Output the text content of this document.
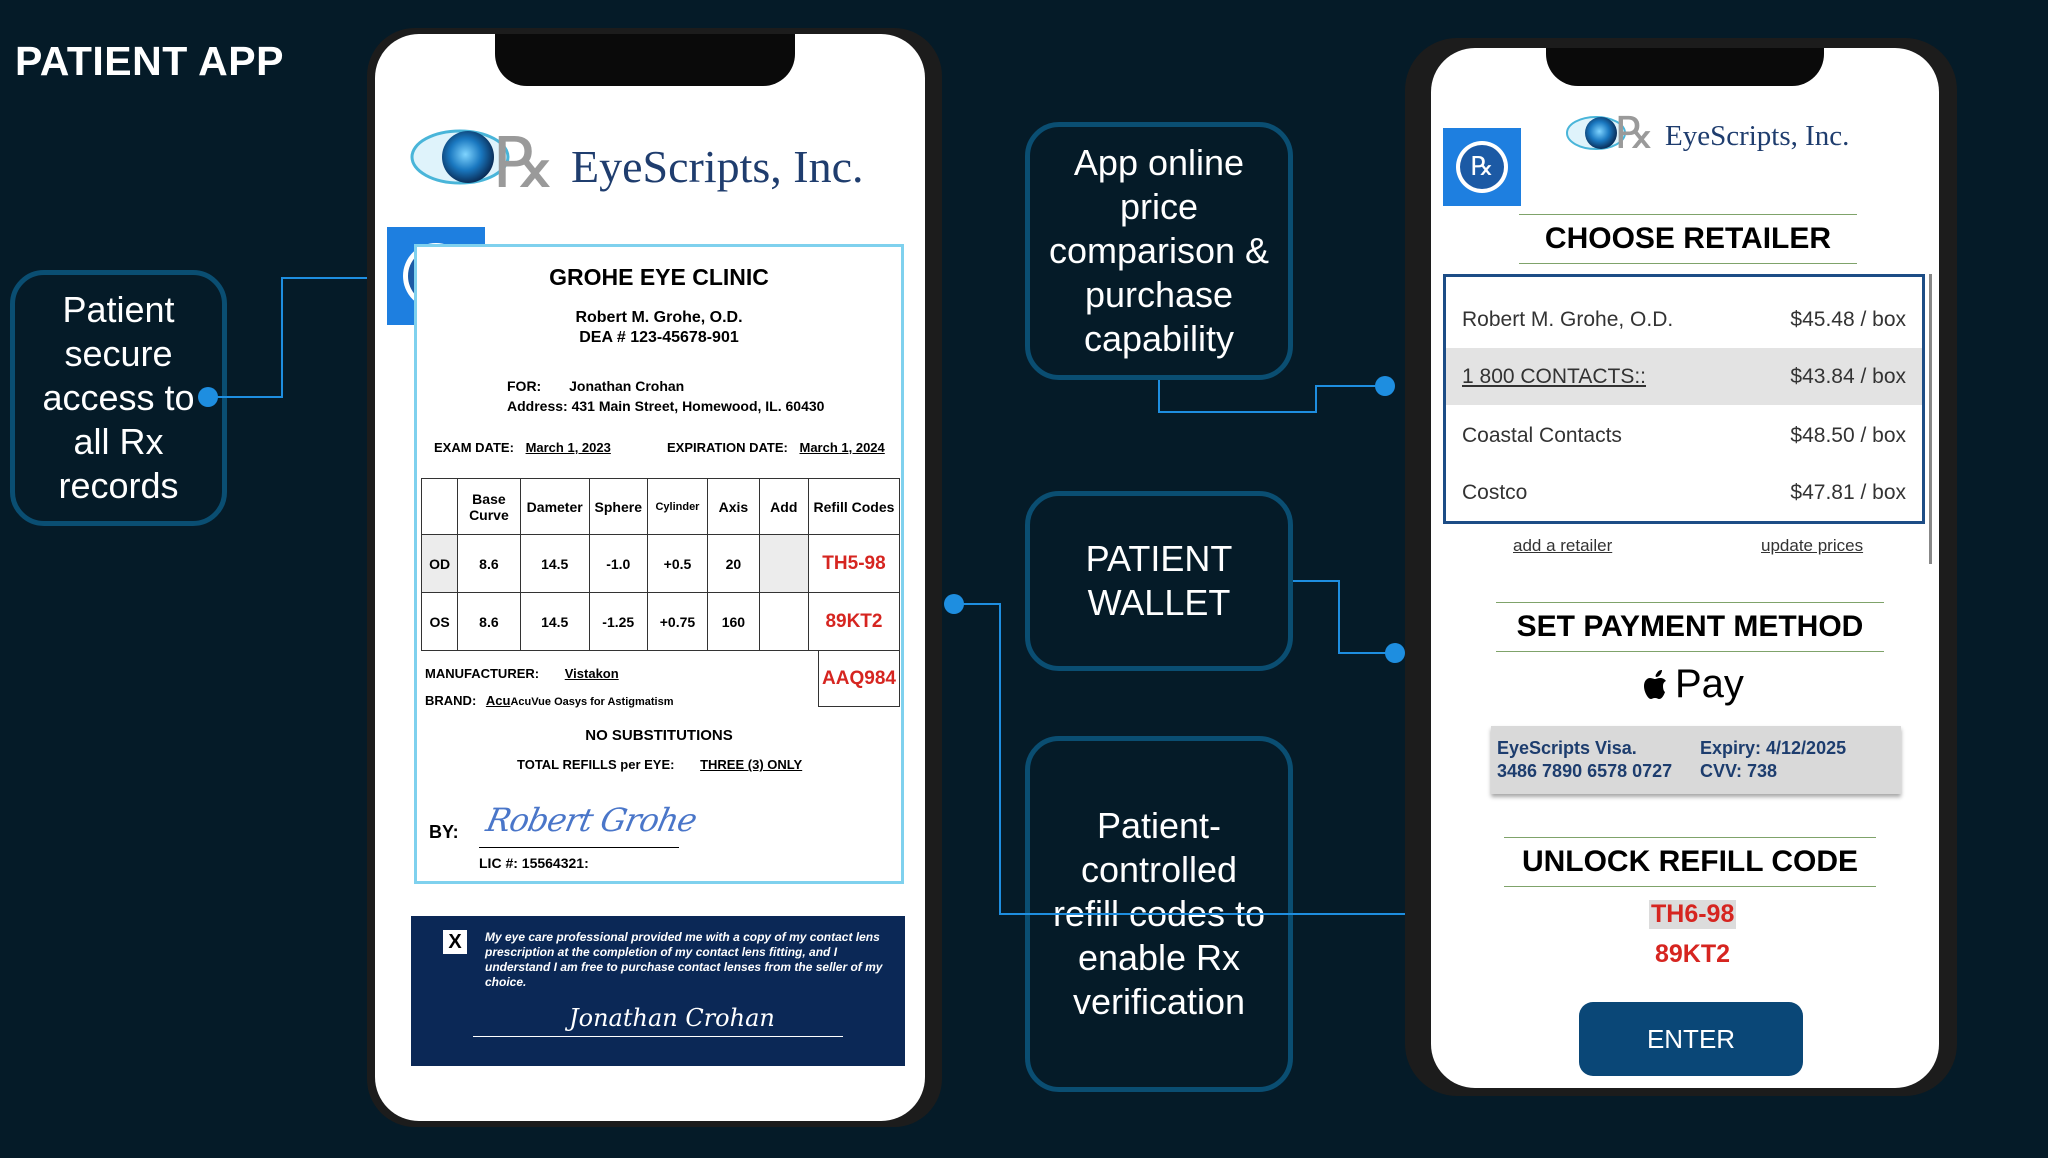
PATIENT APP
Patient
secure
access to
all Rx
records
App online
price
comparison &
purchase
capability
PATIENT
WALLET
Patient-
controlled
refill codes to
enable Rx
verification
℞ EyeScripts, Inc.
GROHE EYE CLINIC
Robert M. Grohe, O.D.
DEA # 123-45678-901
FOR: Jonathan Crohan
Address: 431 Main Street, Homewood, IL. 60430
EXAM DATE: March 1, 2023	EXPIRATION DATE: March 1, 2024
	Base Curve	Dameter	Sphere	Cylinder	Axis	Add	Refill Codes
OD	8.6	14.5	-1.0	+0.5	20		TH5-98
OS	8.6	14.5	-1.25	+0.75	160		89KT2
AAQ984
MANUFACTURER: Vistakon
BRAND: AcuAcuVue Oasys for Astigmatism
NO SUBSTITUTIONS
TOTAL REFILLS per EYE: THREE (3) ONLY
BY: Robert Grohe
LIC #: 15564321:
X	My eye care professional provided me with a copy of my contact lens prescription at the completion of my contact lens fitting, and I understand I am free to purchase contact lenses from the seller of my choice.
Jonathan Crohan
℞
℞ EyeScripts, Inc.
CHOOSE RETAILER
Robert M. Grohe, O.D.	$45.48 / box
1 800 CONTACTS::	$43.84 / box
Coastal Contacts	$48.50 / box
Costco	$47.81 / box
add a retailer	update prices
SET PAYMENT METHOD
Pay
EyeScripts Visa.
3486 7890 6578 0727
Expiry: 4/12/2025
CVV: 738
UNLOCK REFILL CODE
TH6-98
89KT2
ENTER
